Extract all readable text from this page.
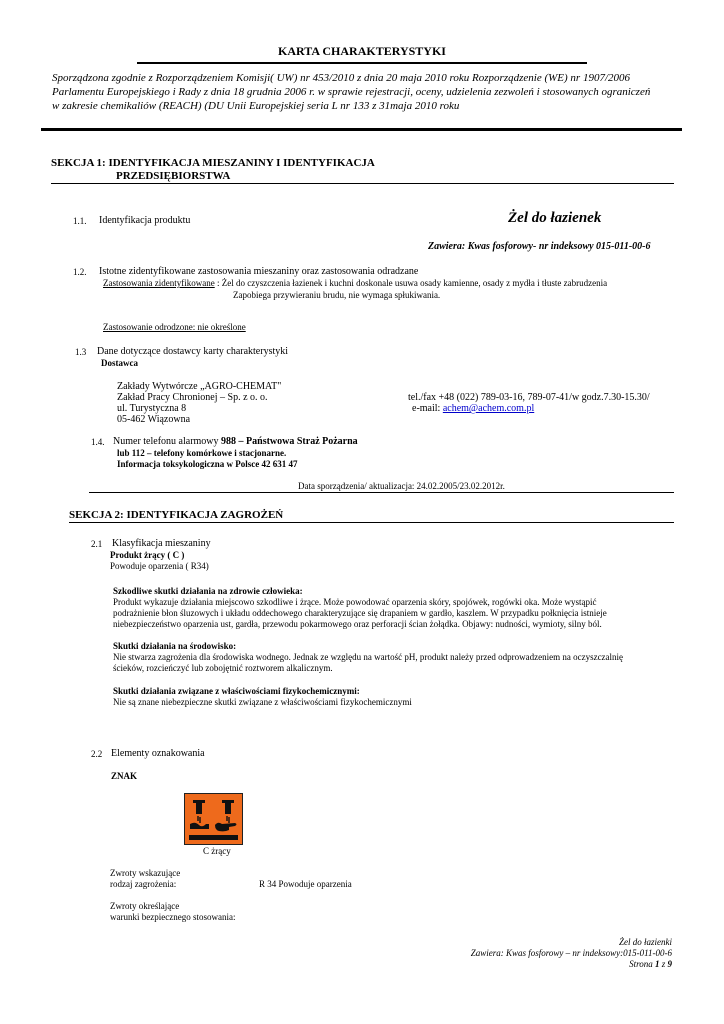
KARTA CHARAKTERYSTYKI
Sporządzona zgodnie z Rozporządzeniem Komisji( UW) nr 453/2010 z dnia 20 maja 2010 roku Rozporządzenie (WE) nr 1907/2006
Parlamentu Europejskiego i Rady z dnia 18 grudnia 2006 r. w sprawie rejestracji, oceny, udzielenia zezwoleń i stosowanych ograniczeń
w zakresie chemikaliów (REACH) (DU Unii Europejskiej seria L nr 133 z 31maja 2010 roku
SEKCJA 1: IDENTYFIKACJA MIESZANINY I IDENTYFIKACJA
PRZEDSIĘBIORSTWA
1.1. Identyfikacja produktu	Żel do łazienek
Zawiera: Kwas fosforowy- nr indeksowy 015-011-00-6
1.2. Istotne zidentyfikowane zastosowania mieszaniny oraz zastosowania odradzane
Zastosowania zidentyfikowane : Żel do czyszczenia łazienek i kuchni doskonale usuwa osady kamienne, osady z mydła i tłuste zabrudzenia
Zapobiega przywieraniu brudu, nie wymaga spłukiwania.
Zastosowanie odrodzone: nie określone
1.3 Dane dotyczące dostawcy karty charakterystyki
Dostawca
Zakłady Wytwórcze „AGRO-CHEMAT"
Zakład Pracy Chronionej – Sp. z o. o.
ul. Turystyczna 8
05-462 Wiązowna
tel./fax +48 (022) 789-03-16, 789-07-41/w godz.7.30-15.30/
e-mail: achem@achem.com.pl
1.4. Numer telefonu alarmowy 988 – Państwowa Straż Pożarna
lub 112 – telefony komórkowe i stacjonarne.
Informacja toksykologiczna w Polsce 42 631 47
Data sporządzenia/ aktualizacja: 24.02.2005/23.02.2012r.
SEKCJA 2: IDENTYFIKACJA ZAGROŻEŃ
2.1 Klasyfikacja mieszaniny
Produkt żrący ( C )
Powoduje oparzenia ( R34)
Szkodliwe skutki działania na zdrowie człowieka:
Produkt wykazuje działania miejscowo szkodliwe i żrące. Może powodować oparzenia skóry, spojówek, rogówki oka. Może wystąpić
podrażnienie błon śluzowych i układu oddechowego charakteryzujące się drapaniem w gardło, kaszlem. W przypadku połknięcia istnieje
niebezpieczeństwo oparzenia ust, gardła, przewodu pokarmowego oraz perforacji ścian żołądka. Objawy: nudności, wymioty, silny ból.
Skutki działania na środowisko:
Nie stwarza zagrożenia dla środowiska wodnego. Jednak ze względu na wartość pH, produkt należy przed odprowadzeniem na oczyszczalnię
ścieków, rozcieńczyć lub zobojętnić roztworem alkalicznym.
Skutki działania związane z właściwościami fizykochemicznymi:
Nie są znane niebezpieczne skutki związane z właściwościami fizykochemicznymi
2.2 Elementy oznakowania
ZNAK
C żrący
Zwroty wskazujące
rodzaj zagrożenia:	R 34 Powoduje oparzenia
Zwroty określające
warunki bezpiecznego stosowania:
Żel do łazienki
Zawiera: Kwas fosforowy – nr indeksowy:015-011-00-6
Strona 1 z 9
